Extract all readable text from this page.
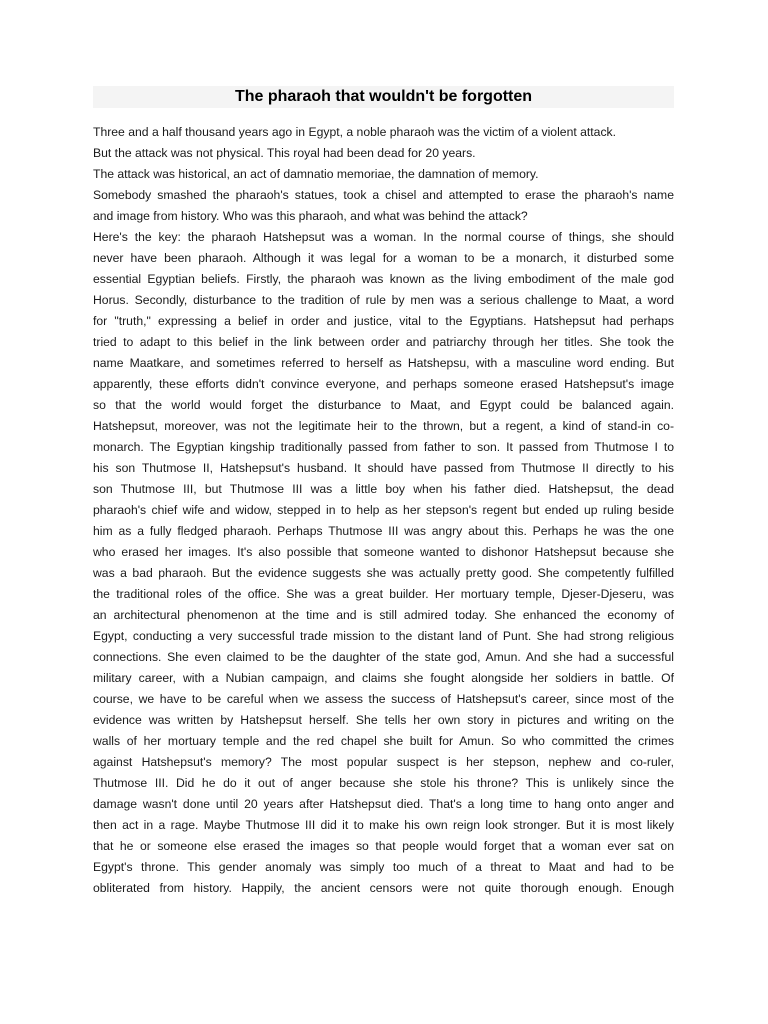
The pharaoh that wouldn't be forgotten

Three and a half thousand years ago in Egypt, a noble pharaoh was the victim of a violent attack.

But the attack was not physical. This royal had been dead for 20 years.

The attack was historical, an act of damnatio memoriae, the damnation of memory.

Somebody smashed the pharaoh's statues, took a chisel and attempted to erase the pharaoh's name
and image from history. Who was this pharaoh, and what was behind the attack?
Here's the key: the pharaoh Hatshepsut was a woman. In the normal course of things, she should
never have been pharaoh. Although it was legal for a woman to be a monarch, it disturbed some
essential Egyptian beliefs. Firstly, the pharaoh was known as the living embodiment of the male god
Horus. Secondly, disturbance to the tradition of rule by men was a serious challenge to Maat, a word
for "truth," expressing a belief in order and justice, vital to the Egyptians. Hatshepsut had perhaps
tried to adapt to this belief in the link between order and patriarchy through her titles. She took the
name Maatkare, and sometimes referred to herself as Hatshepsu, with a masculine word ending. But
apparently, these efforts didn't convince everyone, and perhaps someone erased Hatshepsut's image
so that the world would forget the disturbance to Maat, and Egypt could be balanced again.
Hatshepsut, moreover, was not the legitimate heir to the thrown, but a regent, a kind of stand-in co-
monarch. The Egyptian kingship traditionally passed from father to son. It passed from Thutmose I to
his son Thutmose II, Hatshepsut's husband. It should have passed from Thutmose II directly to his
son Thutmose III, but Thutmose III was a little boy when his father died. Hatshepsut, the dead
pharaoh's chief wife and widow, stepped in to help as her stepson's regent but ended up ruling beside
him as a fully fledged pharaoh. Perhaps Thutmose III was angry about this. Perhaps he was the one
who erased her images. It's also possible that someone wanted to dishonor Hatshepsut because she
was a bad pharaoh. But the evidence suggests she was actually pretty good. She competently fulfilled
the traditional roles of the office. She was a great builder. Her mortuary temple, Djeser-Djeseru, was
an architectural phenomenon at the time and is still admired today. She enhanced the economy of
Egypt, conducting a very successful trade mission to the distant land of Punt. She had strong religious
connections. She even claimed to be the daughter of the state god, Amun. And she had a successful
military career, with a Nubian campaign, and claims she fought alongside her soldiers in battle. Of
course, we have to be careful when we assess the success of Hatshepsut's career, since most of the
evidence was written by Hatshepsut herself. She tells her own story in pictures and writing on the
walls of her mortuary temple and the red chapel she built for Amun. So who committed the crimes
against Hatshepsut's memory? The most popular suspect is her stepson, nephew and co-ruler,
Thutmose III. Did he do it out of anger because she stole his throne? This is unlikely since the
damage wasn't done until 20 years after Hatshepsut died. That's a long time to hang onto anger and
then act in a rage. Maybe Thutmose III did it to make his own reign look stronger. But it is most likely
that he or someone else erased the images so that people would forget that a woman ever sat on
Egypt's throne. This gender anomaly was simply too much of a threat to Maat and had to be
obliterated from history. Happily, the ancient censors were not quite thorough enough. Enough
